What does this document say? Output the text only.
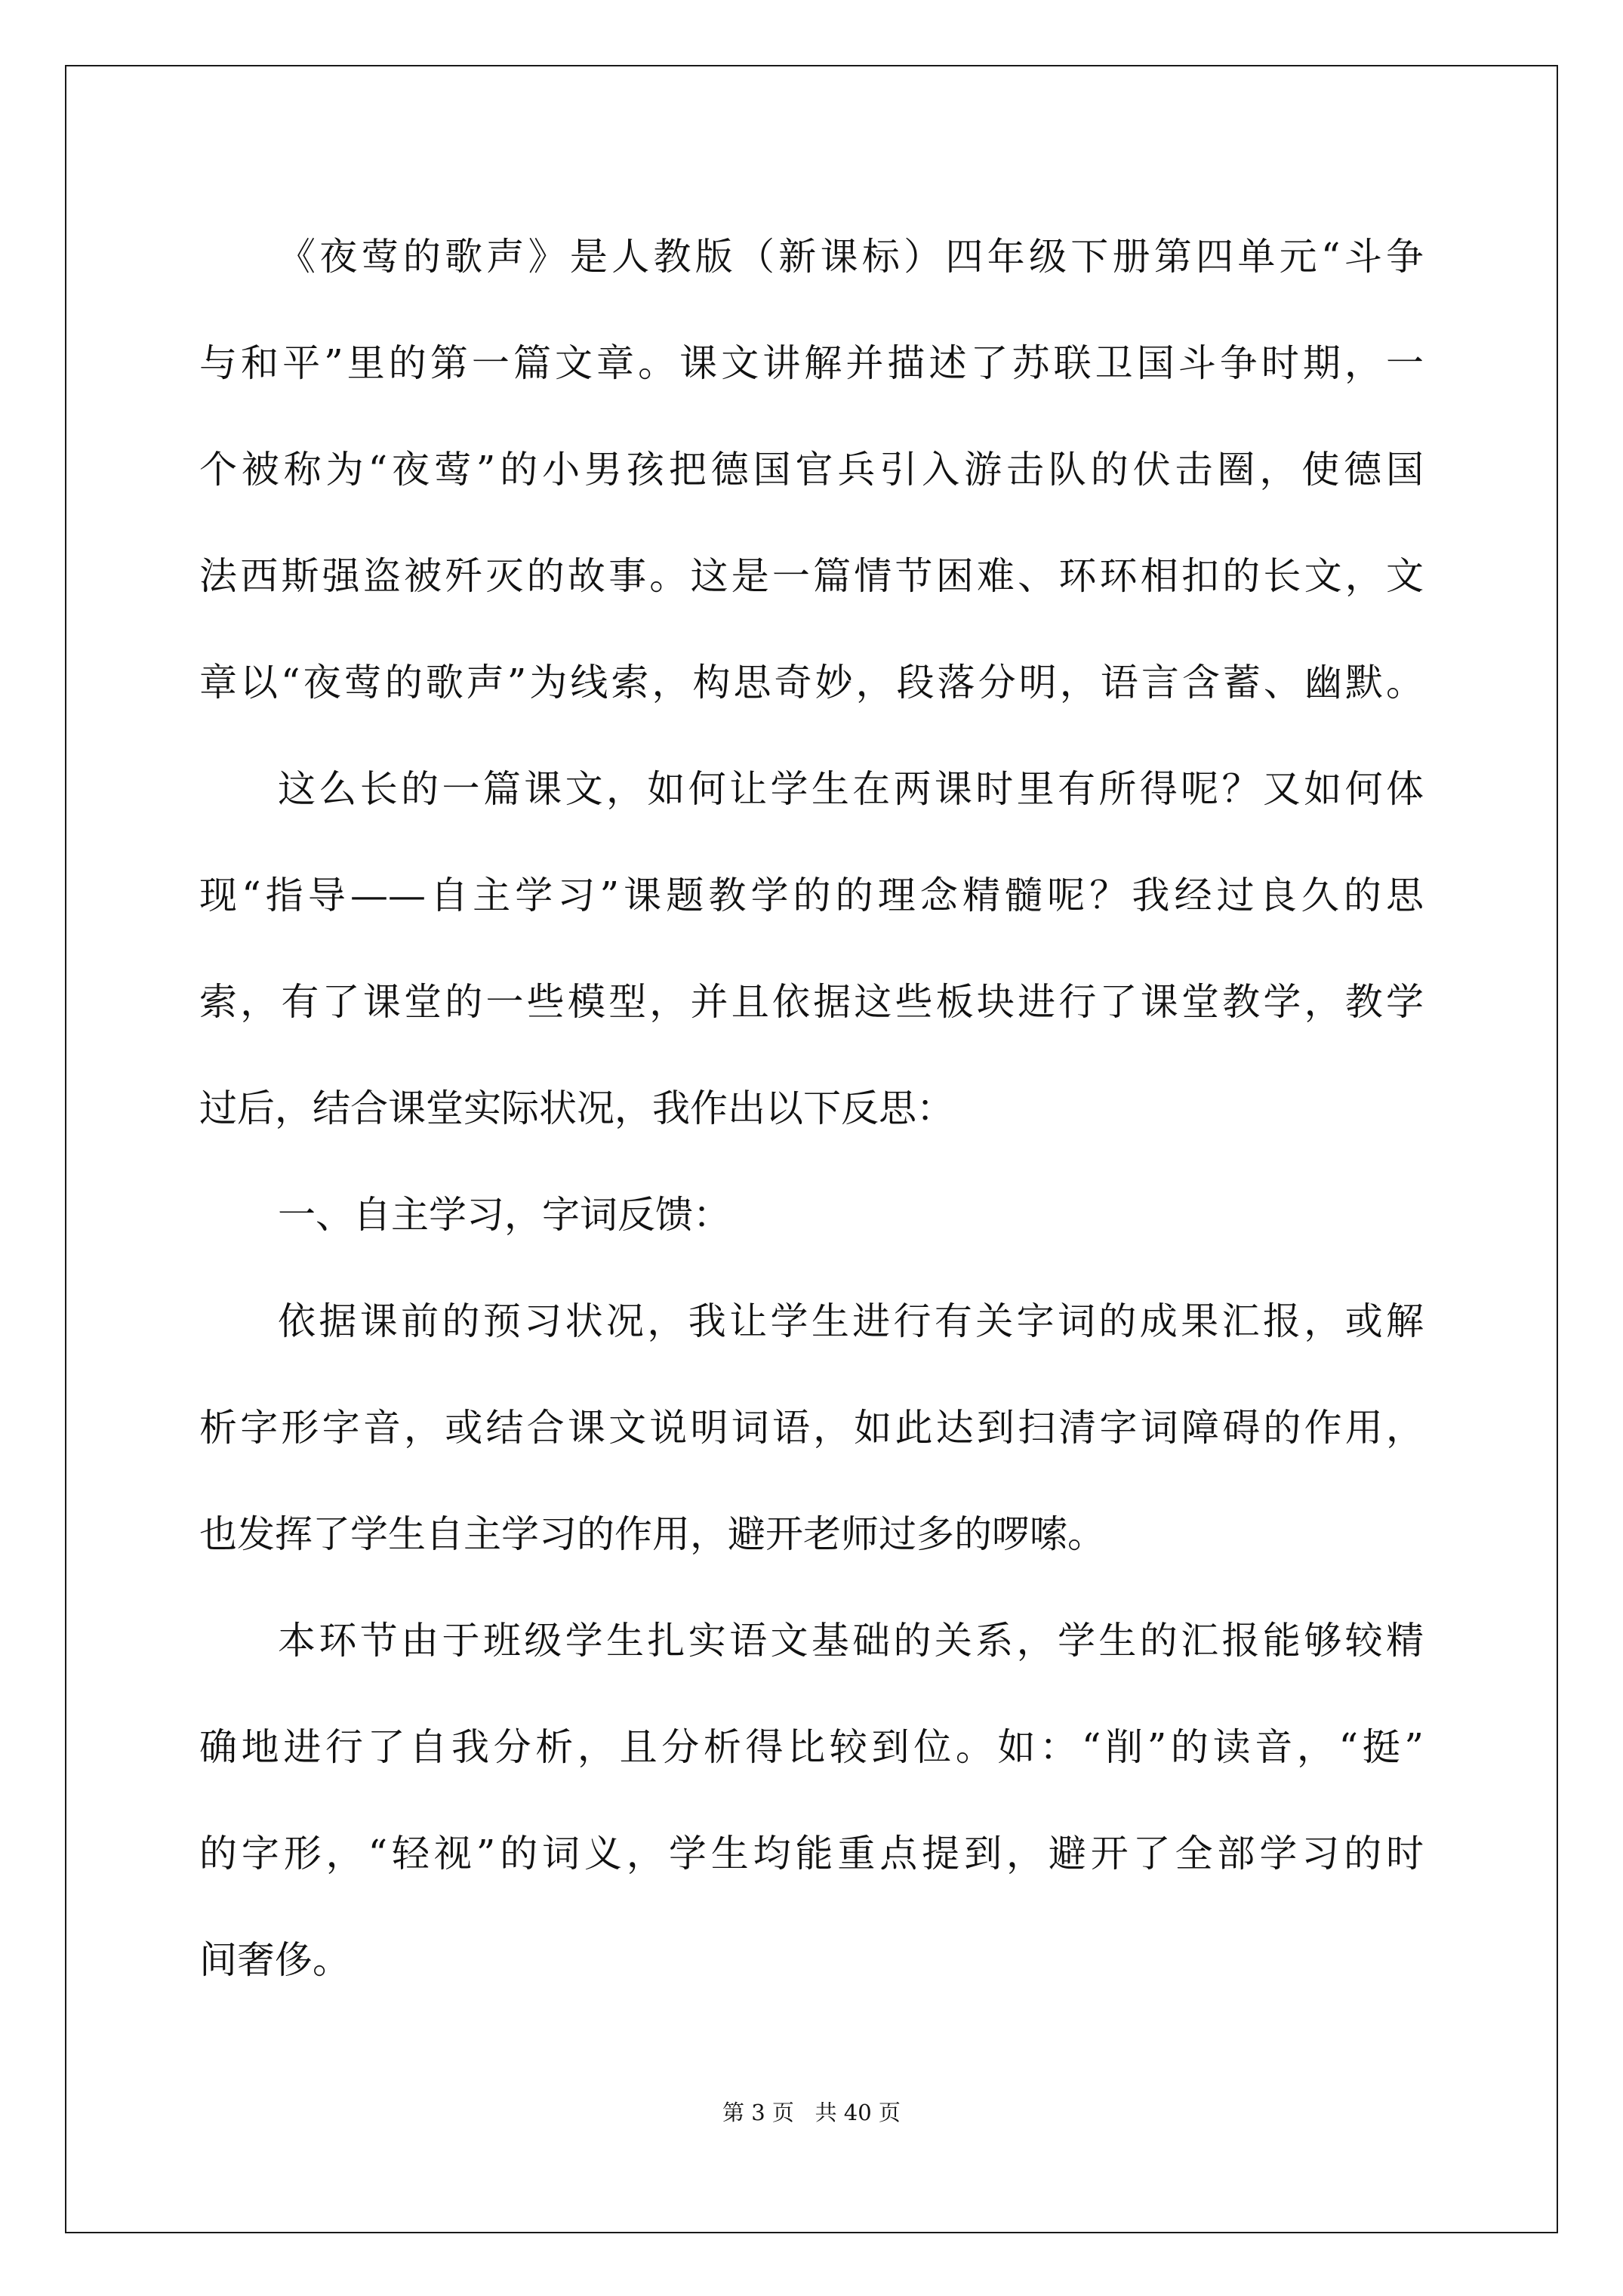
《夜莺的歌声》是人教版（新课标）四年级下册第四单元“斗争
与和平”里的第一篇文章。课文讲解并描述了苏联卫国斗争时期，一
个被称为“夜莺”的小男孩把德国官兵引入游击队的伏击圈，使德国
法西斯强盗被歼灭的故事。这是一篇情节困难、环环相扣的长文，文
章以“夜莺的歌声”为线索，构思奇妙，段落分明，语言含蓄、幽默。
这么长的一篇课文，如何让学生在两课时里有所得呢？又如何体
现“指导——自主学习”课题教学的的理念精髓呢？我经过良久的思
索，有了课堂的一些模型，并且依据这些板块进行了课堂教学，教学
过后，结合课堂实际状况，我作出以下反思：
一、自主学习，字词反馈：
依据课前的预习状况，我让学生进行有关字词的成果汇报，或解
析字形字音，或结合课文说明词语，如此达到扫清字词障碍的作用，
也发挥了学生自主学习的作用，避开老师过多的啰嗦。
本环节由于班级学生扎实语文基础的关系，学生的汇报能够较精
确地进行了自我分析，且分析得比较到位。如：“削”的读音，“挺”
的字形，“轻视”的词义，学生均能重点提到，避开了全部学习的时
间奢侈。
第 3 页   共 40 页
